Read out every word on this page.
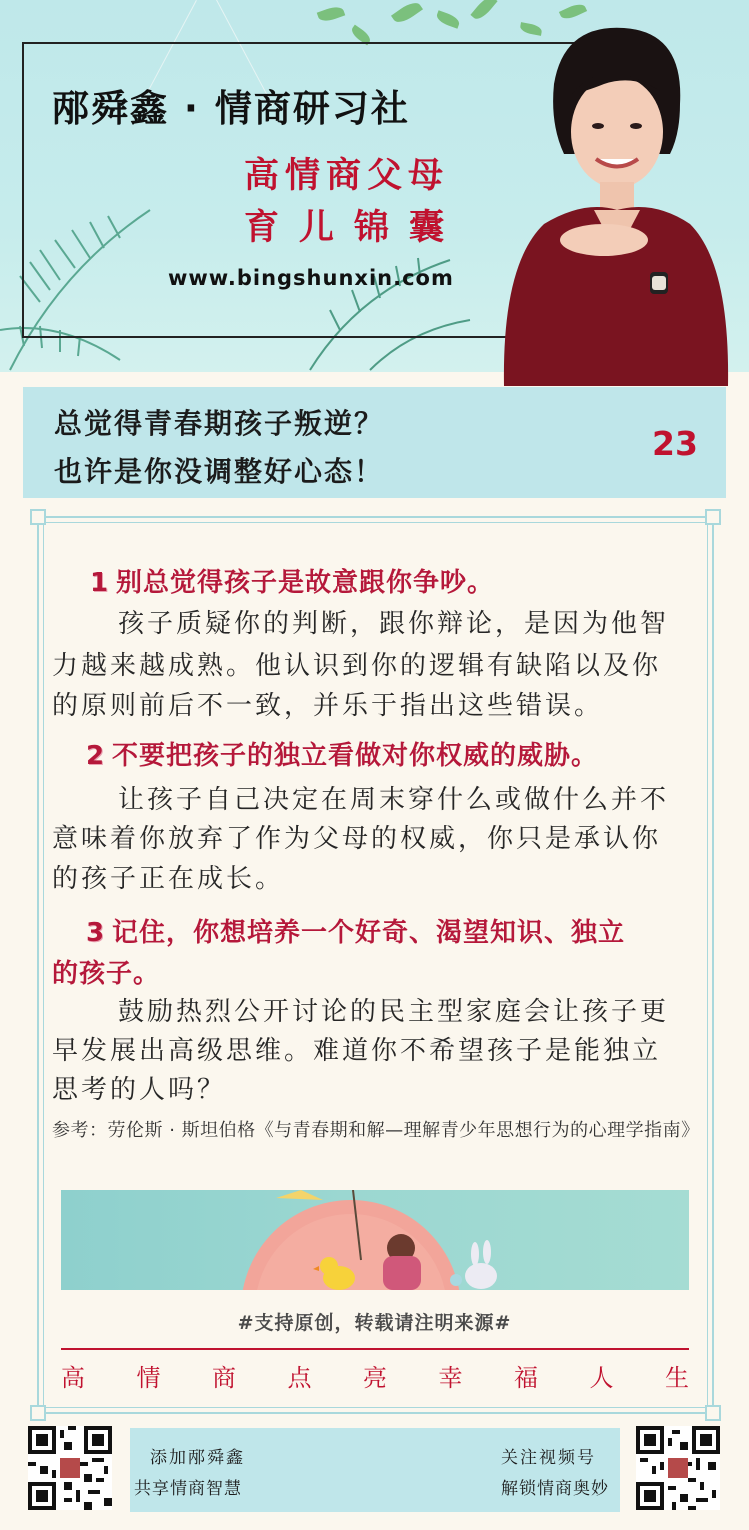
邴舜鑫 · 情商研习社
高情商父母
育儿锦囊
www.bingshunxin.com
总觉得青春期孩子叛逆？
也许是你没调整好心态！
23
1 别总觉得孩子是故意跟你争吵。
孩子质疑你的判断，跟你辩论，是因为他智
力越来越成熟。他认识到你的逻辑有缺陷以及你
的原则前后不一致，并乐于指出这些错误。
2 不要把孩子的独立看做对你权威的威胁。
让孩子自己决定在周末穿什么或做什么并不
意味着你放弃了作为父母的权威，你只是承认你
的孩子正在成长。
3 记住，你想培养一个好奇、渴望知识、独立
的孩子。
鼓励热烈公开讨论的民主型家庭会让孩子更
早发展出高级思维。难道你不希望孩子是能独立
思考的人吗？
参考：劳伦斯 · 斯坦伯格《与青春期和解—理解青少年思想行为的心理学指南》
#支持原创，转载请注明来源#
高 情 商 点 亮 幸 福 人 生
添加邴舜鑫
共享情商智慧
关注视频号
解锁情商奥妙
